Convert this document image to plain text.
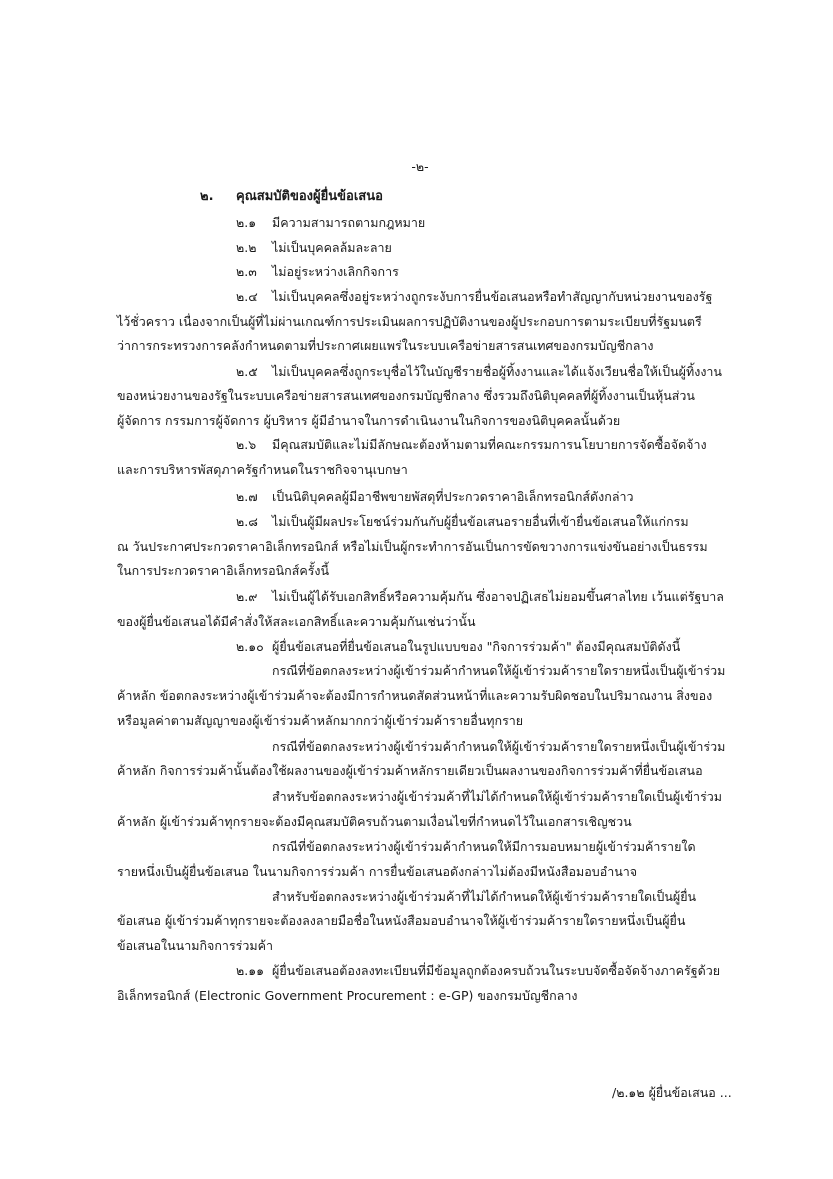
-๒-
๒. คุณสมบัติของผู้ยื่นข้อเสนอ
๒.๑ มีความสามารถตามกฎหมาย
๒.๒ ไม่เป็นบุคคลล้มละลาย
๒.๓ ไม่อยู่ระหว่างเลิกกิจการ
๒.๔ ไม่เป็นบุคคลซึ่งอยู่ระหว่างถูกระงับการยื่นข้อเสนอหรือทำสัญญากับหน่วยงานของรัฐ
ไว้ชั่วคราว เนื่องจากเป็นผู้ที่ไม่ผ่านเกณฑ์การประเมินผลการปฏิบัติงานของผู้ประกอบการตามระเบียบที่รัฐมนตรี
ว่าการกระทรวงการคลังกำหนดตามที่ประกาศเผยแพร่ในระบบเครือข่ายสารสนเทศของกรมบัญชีกลาง
๒.๕ ไม่เป็นบุคคลซึ่งถูกระบุชื่อไว้ในบัญชีรายชื่อผู้ทิ้งงานและได้แจ้งเวียนชื่อให้เป็นผู้ทิ้งงาน
ของหน่วยงานของรัฐในระบบเครือข่ายสารสนเทศของกรมบัญชีกลาง ซึ่งรวมถึงนิติบุคคลที่ผู้ทิ้งงานเป็นหุ้นส่วน
ผู้จัดการ กรรมการผู้จัดการ ผู้บริหาร ผู้มีอำนาจในการดำเนินงานในกิจการของนิติบุคคลนั้นด้วย
๒.๖ มีคุณสมบัติและไม่มีลักษณะต้องห้ามตามที่คณะกรรมการนโยบายการจัดซื้อจัดจ้าง
และการบริหารพัสดุภาครัฐกำหนดในราชกิจจานุเบกษา
๒.๗ เป็นนิติบุคคลผู้มีอาชีพขายพัสดุที่ประกวดราคาอิเล็กทรอนิกส์ดังกล่าว
๒.๘ ไม่เป็นผู้มีผลประโยชน์ร่วมกันกับผู้ยื่นข้อเสนอรายอื่นที่เข้ายื่นข้อเสนอให้แก่กรม
ณ วันประกาศประกวดราคาอิเล็กทรอนิกส์ หรือไม่เป็นผู้กระทำการอันเป็นการขัดขวางการแข่งขันอย่างเป็นธรรม
ในการประกวดราคาอิเล็กทรอนิกส์ครั้งนี้
๒.๙ ไม่เป็นผู้ได้รับเอกสิทธิ์หรือความคุ้มกัน ซึ่งอาจปฏิเสธไม่ยอมขึ้นศาลไทย เว้นแต่รัฐบาล
ของผู้ยื่นข้อเสนอได้มีคำสั่งให้สละเอกสิทธิ์และความคุ้มกันเช่นว่านั้น
๒.๑๐ ผู้ยื่นข้อเสนอที่ยื่นข้อเสนอในรูปแบบของ "กิจการร่วมค้า" ต้องมีคุณสมบัติดังนี้
กรณีที่ข้อตกลงระหว่างผู้เข้าร่วมค้ากำหนดให้ผู้เข้าร่วมค้ารายใดรายหนึ่งเป็นผู้เข้าร่วม
ค้าหลัก ข้อตกลงระหว่างผู้เข้าร่วมค้าจะต้องมีการกำหนดสัดส่วนหน้าที่และความรับผิดชอบในปริมาณงาน สิ่งของ
หรือมูลค่าตามสัญญาของผู้เข้าร่วมค้าหลักมากกว่าผู้เข้าร่วมค้ารายอื่นทุกราย
กรณีที่ข้อตกลงระหว่างผู้เข้าร่วมค้ากำหนดให้ผู้เข้าร่วมค้ารายใดรายหนึ่งเป็นผู้เข้าร่วม
ค้าหลัก กิจการร่วมค้านั้นต้องใช้ผลงานของผู้เข้าร่วมค้าหลักรายเดียวเป็นผลงานของกิจการร่วมค้าที่ยื่นข้อเสนอ
สำหรับข้อตกลงระหว่างผู้เข้าร่วมค้าที่ไม่ได้กำหนดให้ผู้เข้าร่วมค้ารายใดเป็นผู้เข้าร่วม
ค้าหลัก ผู้เข้าร่วมค้าทุกรายจะต้องมีคุณสมบัติครบถ้วนตามเงื่อนไขที่กำหนดไว้ในเอกสารเชิญชวน
กรณีที่ข้อตกลงระหว่างผู้เข้าร่วมค้ากำหนดให้มีการมอบหมายผู้เข้าร่วมค้ารายใด
รายหนึ่งเป็นผู้ยื่นข้อเสนอ ในนามกิจการร่วมค้า การยื่นข้อเสนอดังกล่าวไม่ต้องมีหนังสือมอบอำนาจ
สำหรับข้อตกลงระหว่างผู้เข้าร่วมค้าที่ไม่ได้กำหนดให้ผู้เข้าร่วมค้ารายใดเป็นผู้ยื่น
ข้อเสนอ ผู้เข้าร่วมค้าทุกรายจะต้องลงลายมือชื่อในหนังสือมอบอำนาจให้ผู้เข้าร่วมค้ารายใดรายหนึ่งเป็นผู้ยื่น
ข้อเสนอในนามกิจการร่วมค้า
๒.๑๑ ผู้ยื่นข้อเสนอต้องลงทะเบียนที่มีข้อมูลถูกต้องครบถ้วนในระบบจัดซื้อจัดจ้างภาครัฐด้วย
อิเล็กทรอนิกส์ (Electronic Government Procurement : e-GP) ของกรมบัญชีกลาง
/๒.๑๒ ผู้ยื่นข้อเสนอ ...
